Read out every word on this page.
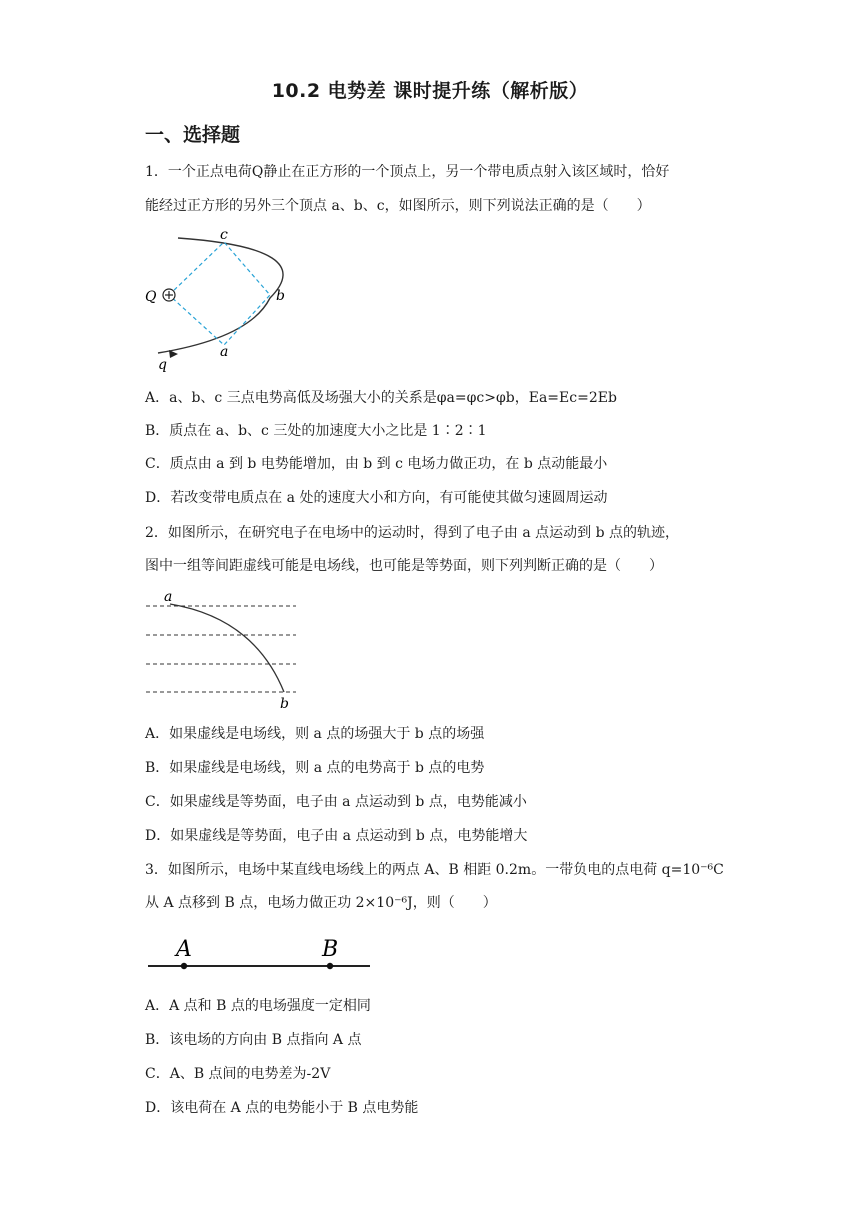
10.2 电势差 课时提升练（解析版）
一、选择题
1．一个正点电荷Q静止在正方形的一个顶点上，另一个带电质点射入该区域时，恰好
能经过正方形的另外三个顶点 a、b、c，如图所示，则下列说法正确的是（　　）
c
b
a
Q
q
A．a、b、c 三点电势高低及场强大小的关系是φa=φc>φb，Ea=Ec=2Eb
B．质点在 a、b、c 三处的加速度大小之比是 1∶2∶1
C．质点由 a 到 b 电势能增加，由 b 到 c 电场力做正功，在 b 点动能最小
D．若改变带电质点在 a 处的速度大小和方向，有可能使其做匀速圆周运动
2．如图所示，在研究电子在电场中的运动时，得到了电子由 a 点运动到 b 点的轨迹，
图中一组等间距虚线可能是电场线，也可能是等势面，则下列判断正确的是（　　）
a
b
A．如果虚线是电场线，则 a 点的场强大于 b 点的场强
B．如果虚线是电场线，则 a 点的电势高于 b 点的电势
C．如果虚线是等势面，电子由 a 点运动到 b 点，电势能减小
D．如果虚线是等势面，电子由 a 点运动到 b 点，电势能增大
3．如图所示，电场中某直线电场线上的两点 A、B 相距 0.2m。一带负电的点电荷 q=10⁻⁶C
从 A 点移到 B 点，电场力做正功 2×10⁻⁶J，则（　　）
A	B
A．A 点和 B 点的电场强度一定相同
B．该电场的方向由 B 点指向 A 点
C．A、B 点间的电势差为-2V
D．该电荷在 A 点的电势能小于 B 点电势能
